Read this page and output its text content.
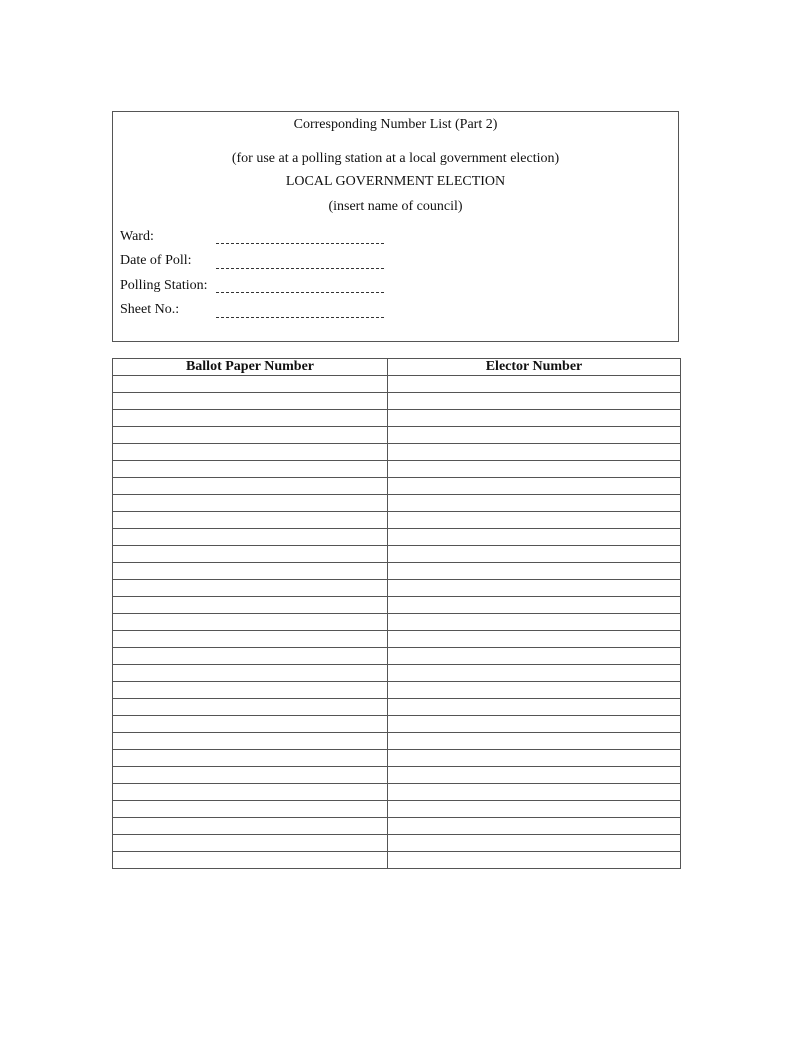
Corresponding Number List (Part 2)
(for use at a polling station at a local government election)
LOCAL GOVERNMENT ELECTION
(insert name of council)
Ward:
Date of Poll:
Polling Station:
Sheet No.:
Ballot Paper Number	Elector Number
